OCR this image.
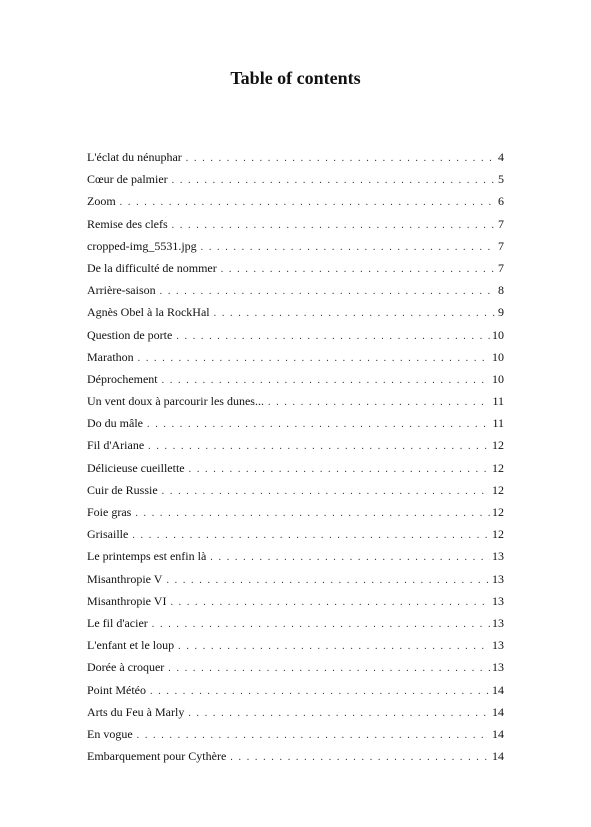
Table of contents
L'éclat du nénuphar . . .	4
Cœur de palmier . . .	5
Zoom . . .	6
Remise des clefs . . .	7
cropped-img_5531.jpg . . .	7
De la difficulté de nommer . . .	7
Arrière-saison . . .	8
Agnès Obel à la RockHal . . .	9
Question de porte . . .	10
Marathon . . .	10
Déprochement . . .	10
Un vent doux à parcourir les dunes... . . .	11
Do du mâle . . .	11
Fil d'Ariane . . .	12
Délicieuse cueillette . . .	12
Cuir de Russie . . .	12
Foie gras . . .	12
Grisaille . . .	12
Le printemps est enfin là . . .	13
Misanthropie V . . .	13
Misanthropie VI . . .	13
Le fil d'acier . . .	13
L'enfant et le loup . . .	13
Dorée à croquer . . .	13
Point Météo . . .	14
Arts du Feu à Marly . . .	14
En vogue . . .	14
Embarquement pour Cythère . . .	14
